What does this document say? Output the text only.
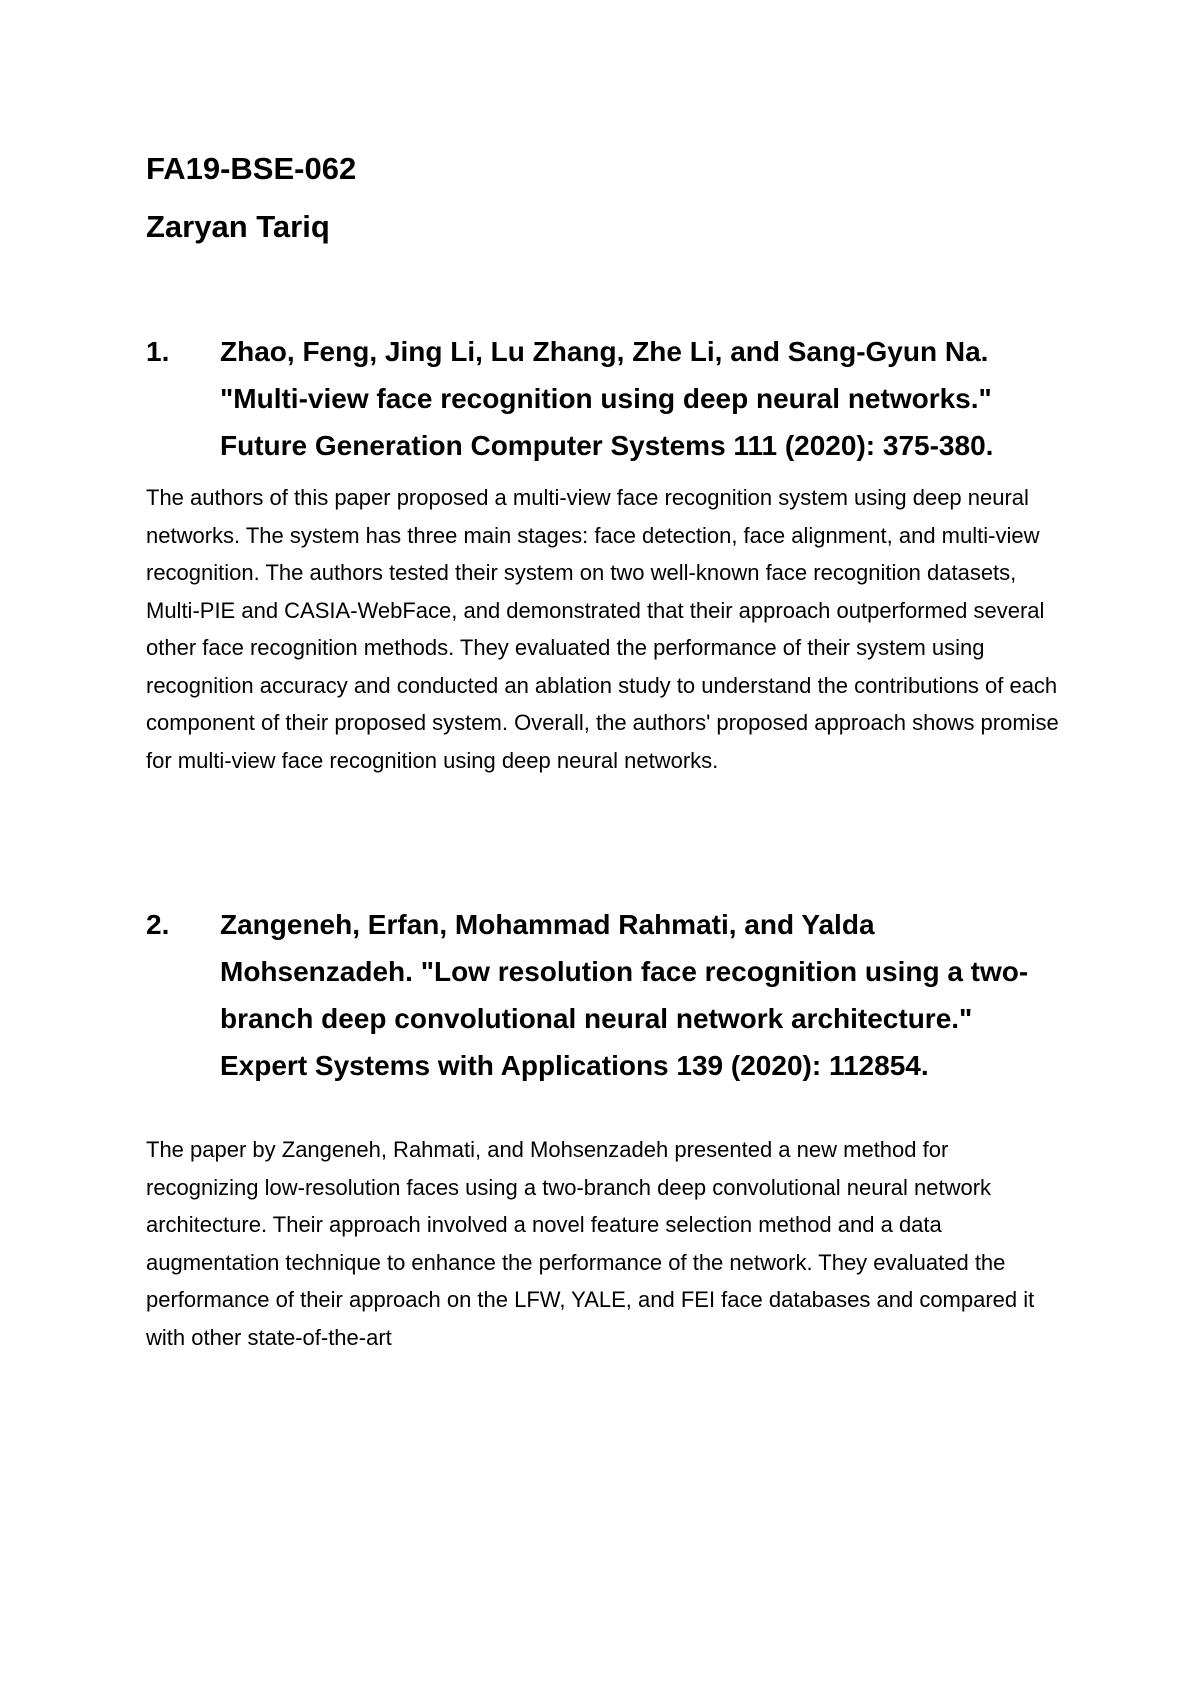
FA19-BSE-062

Zaryan Tariq

1.	Zhao, Feng, Jing Li, Lu Zhang, Zhe Li, and Sang-Gyun Na. "Multi-view face recognition using deep neural networks." Future Generation Computer Systems 111 (2020): 375-380.

The authors of this paper proposed a multi-view face recognition system using deep neural networks. The system has three main stages: face detection, face alignment, and multi-view recognition. The authors tested their system on two well-known face recognition datasets, Multi-PIE and CASIA-WebFace, and demonstrated that their approach outperformed several other face recognition methods. They evaluated the performance of their system using recognition accuracy and conducted an ablation study to understand the contributions of each component of their proposed system. Overall, the authors' proposed approach shows promise for multi-view face recognition using deep neural networks.

2.	Zangeneh, Erfan, Mohammad Rahmati, and Yalda Mohsenzadeh. "Low resolution face recognition using a two-branch deep convolutional neural network architecture." Expert Systems with Applications 139 (2020): 112854.

The paper by Zangeneh, Rahmati, and Mohsenzadeh presented a new method for recognizing low-resolution faces using a two-branch deep convolutional neural network architecture. Their approach involved a novel feature selection method and a data augmentation technique to enhance the performance of the network. They evaluated the performance of their approach on the LFW, YALE, and FEI face databases and compared it with other state-of-the-art
